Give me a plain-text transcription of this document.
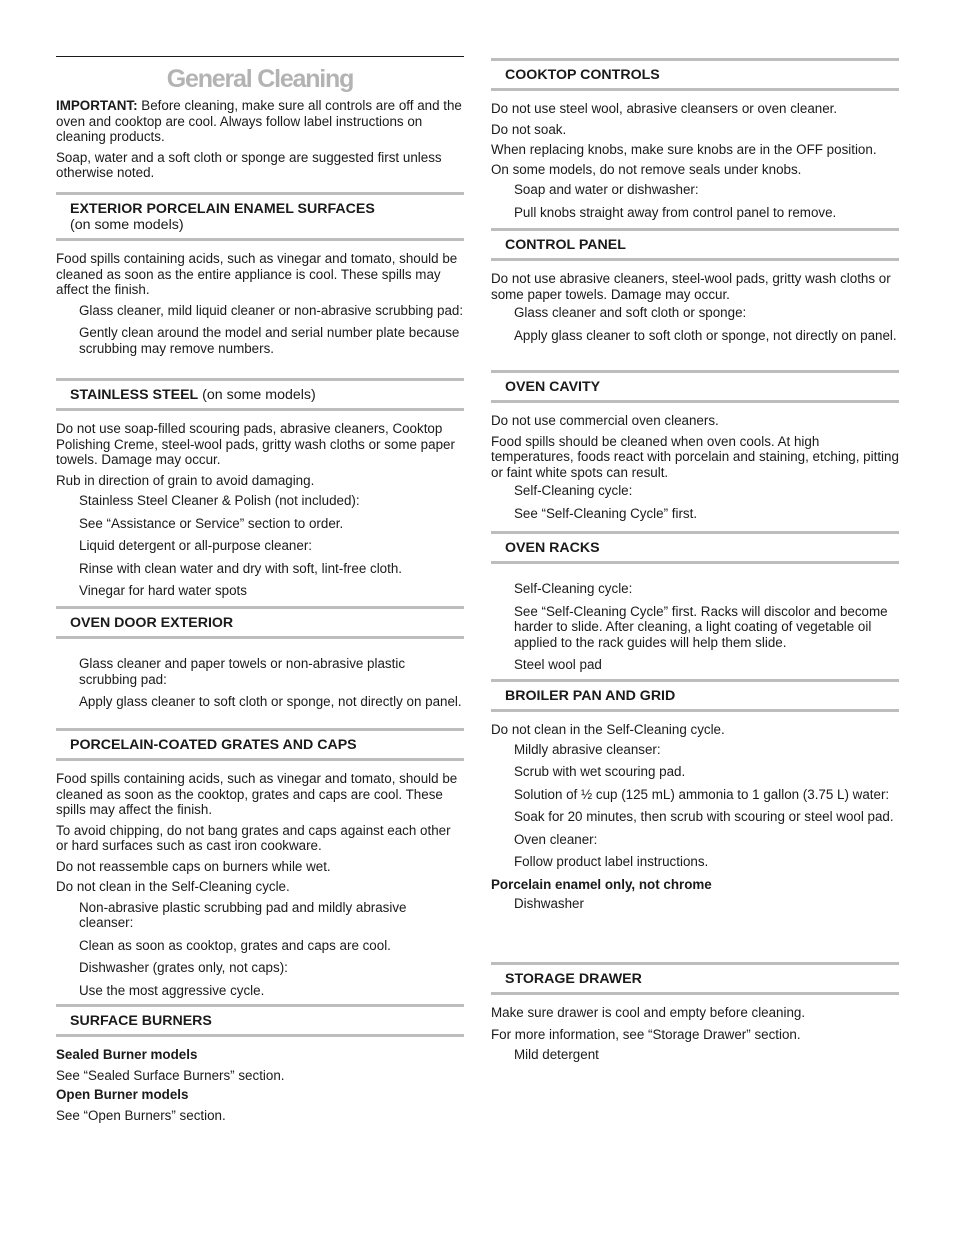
General Cleaning

IMPORTANT: Before cleaning, make sure all controls are off and the oven and cooktop are cool. Always follow label instructions on cleaning products.

Soap, water and a soft cloth or sponge are suggested first unless otherwise noted.

EXTERIOR PORCELAIN ENAMEL SURFACES
(on some models)

Food spills containing acids, such as vinegar and tomato, should be cleaned as soon as the entire appliance is cool. These spills may affect the finish.

Glass cleaner, mild liquid cleaner or non-abrasive scrubbing pad:

Gently clean around the model and serial number plate because scrubbing may remove numbers.

STAINLESS STEEL (on some models)

Do not use soap-filled scouring pads, abrasive cleaners, Cooktop Polishing Creme, steel-wool pads, gritty wash cloths or some paper towels. Damage may occur.

Rub in direction of grain to avoid damaging.

Stainless Steel Cleaner & Polish (not included):

See “Assistance or Service” section to order.

Liquid detergent or all-purpose cleaner:

Rinse with clean water and dry with soft, lint-free cloth.

Vinegar for hard water spots

OVEN DOOR EXTERIOR

Glass cleaner and paper towels or non-abrasive plastic scrubbing pad:

Apply glass cleaner to soft cloth or sponge, not directly on panel.

PORCELAIN-COATED GRATES AND CAPS

Food spills containing acids, such as vinegar and tomato, should be cleaned as soon as the cooktop, grates and caps are cool. These spills may affect the finish.

To avoid chipping, do not bang grates and caps against each other or hard surfaces such as cast iron cookware.

Do not reassemble caps on burners while wet.

Do not clean in the Self-Cleaning cycle.

Non-abrasive plastic scrubbing pad and mildly abrasive cleanser:

Clean as soon as cooktop, grates and caps are cool.

Dishwasher (grates only, not caps):

Use the most aggressive cycle.

SURFACE BURNERS

Sealed Burner models

See “Sealed Surface Burners” section.

Open Burner models

See “Open Burners” section.

COOKTOP CONTROLS

Do not use steel wool, abrasive cleansers or oven cleaner.

Do not soak.

When replacing knobs, make sure knobs are in the OFF position.

On some models, do not remove seals under knobs.

Soap and water or dishwasher:

Pull knobs straight away from control panel to remove.

CONTROL PANEL

Do not use abrasive cleaners, steel-wool pads, gritty wash cloths or some paper towels. Damage may occur.

Glass cleaner and soft cloth or sponge:

Apply glass cleaner to soft cloth or sponge, not directly on panel.

OVEN CAVITY

Do not use commercial oven cleaners.

Food spills should be cleaned when oven cools. At high temperatures, foods react with porcelain and staining, etching, pitting or faint white spots can result.

Self-Cleaning cycle:

See “Self-Cleaning Cycle” first.

OVEN RACKS

Self-Cleaning cycle:

See “Self-Cleaning Cycle” first. Racks will discolor and become harder to slide. After cleaning, a light coating of vegetable oil applied to the rack guides will help them slide.

Steel wool pad

BROILER PAN AND GRID

Do not clean in the Self-Cleaning cycle.

Mildly abrasive cleanser:

Scrub with wet scouring pad.

Solution of ½ cup (125 mL) ammonia to 1 gallon (3.75 L) water:

Soak for 20 minutes, then scrub with scouring or steel wool pad.

Oven cleaner:

Follow product label instructions.

Porcelain enamel only, not chrome

Dishwasher

STORAGE DRAWER

Make sure drawer is cool and empty before cleaning.

For more information, see “Storage Drawer” section.

Mild detergent
